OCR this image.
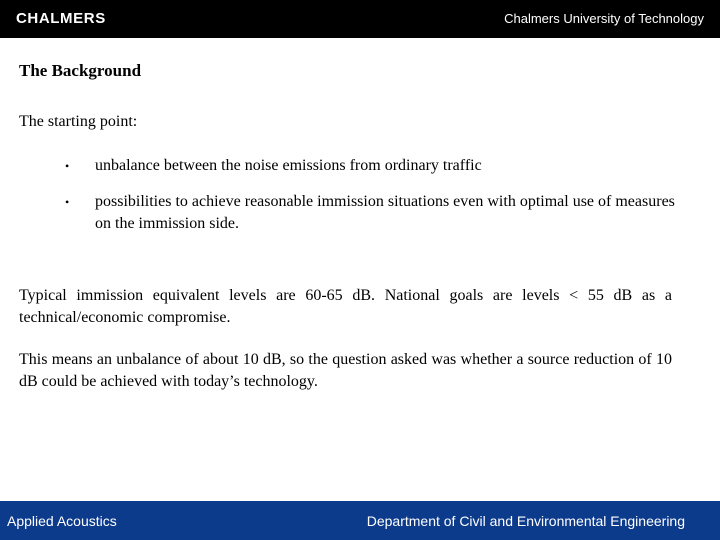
CHALMERS	Chalmers University of Technology
The Background
The starting point:
• unbalance between the noise emissions from ordinary traffic
• possibilities to achieve reasonable immission situations even with optimal use of measures on the immission side.
Typical immission equivalent levels are 60-65 dB. National goals are levels < 55 dB as a technical/economic compromise.
This means an unbalance of about 10 dB, so the question asked was whether a source reduction of 10 dB could be achieved with today’s technology.
Applied Acoustics	Department of Civil and Environmental Engineering
